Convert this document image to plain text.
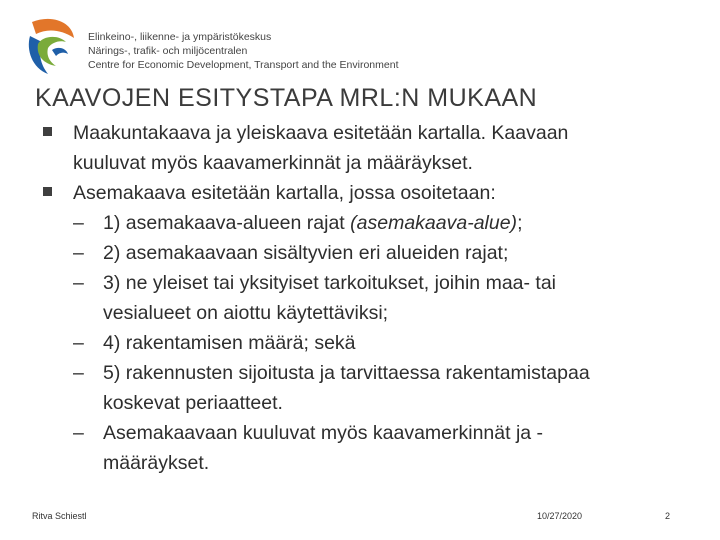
Elinkeino-, liikenne- ja ympäristökeskus
Närings-, trafik- och miljöcentralen
Centre for Economic Development, Transport and the Environment
KAAVOJEN ESITYSTAPA MRL:N MUKAAN
Maakuntakaava ja yleiskaava esitetään kartalla. Kaavaan
kuuluvat myös kaavamerkinnät ja määräykset.
Asemakaava esitetään kartalla, jossa osoitetaan:
– 1) asemakaava-alueen rajat (asemakaava-alue);
– 2) asemakaavaan sisältyvien eri alueiden rajat;
– 3) ne yleiset tai yksityiset tarkoitukset, joihin maa- tai
vesialueet on aiottu käytettäviksi;
– 4) rakentamisen määrä; sekä
– 5) rakennusten sijoitusta ja tarvittaessa rakentamistapaa
koskevat periaatteet.
– Asemakaavaan kuuluvat myös kaavamerkinnät ja -
määräykset.
Ritva Schiestl	10/27/2020	2
